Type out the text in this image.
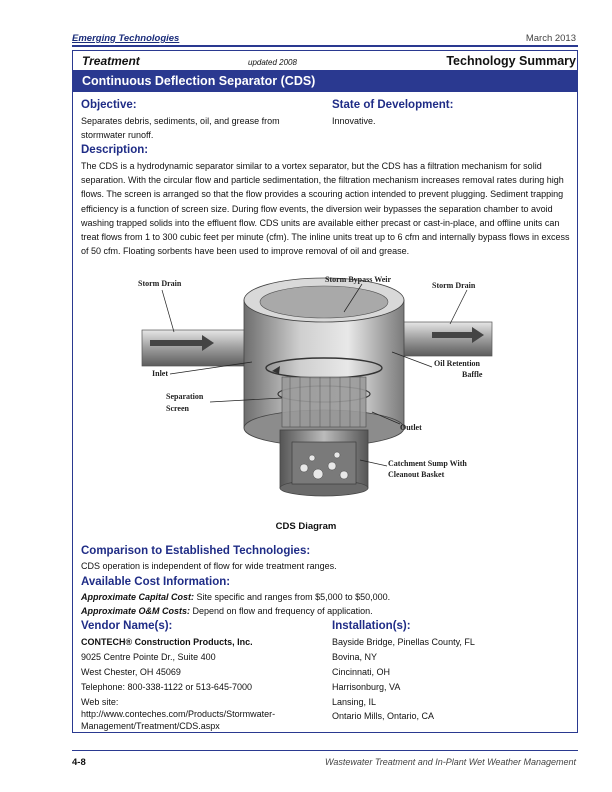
Emerging Technologies	March 2013
Treatment	updated 2008	Technology Summary
Continuous Deflection Separator (CDS)
Objective:
Separates debris, sediments, oil, and grease from
stormwater runoff.
State of Development:
Innovative.
Description:
The CDS is a hydrodynamic separator similar to a vortex separator, but the CDS has a filtration mechanism for solid separation. With the circular flow and particle sedimentation, the filtration mechanism increases removal rates during high flows. The screen is arranged so that the flow provides a scouring action intended to prevent plugging. Sediment trapping efficiency is a function of screen size. During flow events, the diversion weir bypasses the separation chamber to avoid washing trapped solids into the effluent flow. CDS units are available either precast or cast-in-place, and offline units can treat flows from 1 to 300 cubic feet per minute (cfm). The inline units treat up to 6 cfm and internally bypass flows in excess of 50 cfm. Floating sorbents have been used to improve removal of oil and grease.
Storm Drain	Storm Bypass Weir
Storm Drain
Inlet
Oil Retention
Baffle
Separation
Screen
Outlet
Catchment Sump With
Cleanout Basket
CDS Diagram
Comparison to Established Technologies:
CDS operation is independent of flow for wide treatment ranges.
Available Cost Information:
Approximate Capital Cost: Site specific and ranges from $5,000 to $50,000.
Approximate O&M Costs: Depend on flow and frequency of application.
Vendor Name(s):
CONTECH® Construction Products, Inc.
9025 Centre Pointe Dr., Suite 400
West Chester, OH 45069
Telephone: 800-338-1122 or 513-645-7000
Web site:
http://www.conteches.com/Products/Stormwater-
Management/Treatment/CDS.aspx
Installation(s):
Bayside Bridge, Pinellas County, FL
Bovina, NY
Cincinnati, OH
Harrisonburg, VA
Lansing, IL
Ontario Mills, Ontario, CA
4-8	Wastewater Treatment and In-Plant Wet Weather Management
